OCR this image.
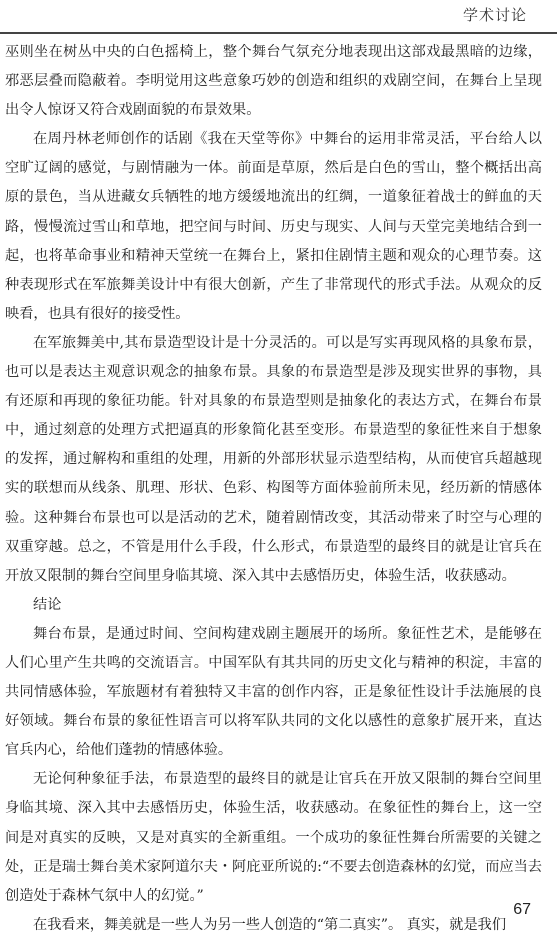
学术讨论

巫则坐在树丛中央的白色摇椅上，整个舞台气氛充分地表现出这部戏最黑暗的边缘，邪恶层叠而隐蔽着。李明觉用这些意象巧妙的创造和组织的戏剧空间，在舞台上呈现出令人惊讶又符合戏剧面貌的布景效果。

在周丹林老师创作的话剧《我在天堂等你》中舞台的运用非常灵活，平台给人以空旷辽阔的感觉，与剧情融为一体。前面是草原，然后是白色的雪山，整个概括出高原的景色，当从进藏女兵牺牲的地方缓缓地流出的红绸，一道象征着战士的鲜血的天路，慢慢流过雪山和草地，把空间与时间、历史与现实、人间与天堂完美地结合到一起，也将革命事业和精神天堂统一在舞台上，紧扣住剧情主题和观众的心理节奏。这种表现形式在军旅舞美设计中有很大创新，产生了非常现代的形式手法。从观众的反映看，也具有很好的接受性。

在军旅舞美中,其布景造型设计是十分灵活的。可以是写实再现风格的具象布景，也可以是表达主观意识观念的抽象布景。具象的布景造型是涉及现实世界的事物，具有还原和再现的象征功能。针对具象的布景造型则是抽象化的表达方式，在舞台布景中，通过刻意的处理方式把逼真的形象简化甚至变形。布景造型的象征性来自于想象的发挥，通过解构和重组的处理，用新的外部形状显示造型结构，从而使官兵超越现实的联想而从线条、肌理、形状、色彩、构图等方面体验前所未见，经历新的情感体验。这种舞台布景也可以是活动的艺术，随着剧情改变，其活动带来了时空与心理的双重穿越。总之，不管是用什么手段，什么形式，布景造型的最终目的就是让官兵在开放又限制的舞台空间里身临其境、深入其中去感悟历史，体验生活，收获感动。

结论

舞台布景，是通过时间、空间构建戏剧主题展开的场所。象征性艺术，是能够在人们心里产生共鸣的交流语言。中国军队有其共同的历史文化与精神的积淀，丰富的共同情感体验，军旅题材有着独特又丰富的创作内容，正是象征性设计手法施展的良好领域。舞台布景的象征性语言可以将军队共同的文化以感性的意象扩展开来，直达官兵内心，给他们蓬勃的情感体验。

无论何种象征手法，布景造型的最终目的就是让官兵在开放又限制的舞台空间里身临其境、深入其中去感悟历史，体验生活，收获感动。在象征性的舞台上，这一空间是对真实的反映，又是对真实的全新重组。一个成功的象征性舞台所需要的关键之处，正是瑞士舞台美术家阿道尔夫・阿庇亚所说的:“不要去创造森林的幻觉，而应当去创造处于森林气氛中人的幻觉。”

在我看来，舞美就是一些人为另一些人创造的“第二真实”。 真实，就是我们

67
